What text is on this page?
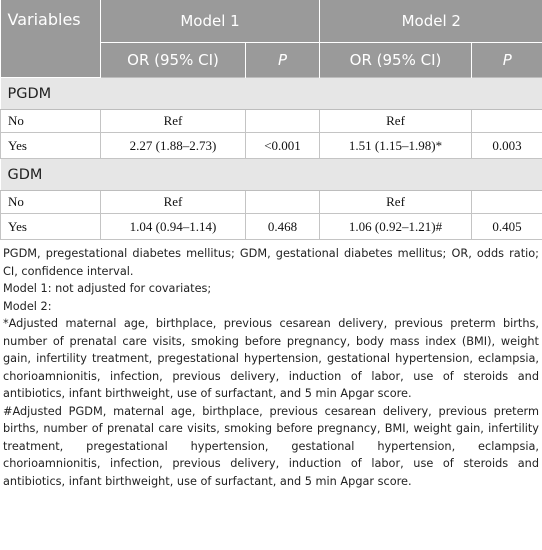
Variables	Model 1		Model 2	
	OR (95% CI)	P	OR (95% CI)	P
PGDM				
No	Ref		Ref	
Yes	2.27 (1.88–2.73)	<0.001	1.51 (1.15–1.98)*	0.003
GDM				
No	Ref		Ref	
Yes	1.04 (0.94–1.14)	0.468	1.06 (0.92–1.21)#	0.405

PGDM, pregestational diabetes mellitus; GDM, gestational diabetes mellitus; OR, odds ratio; CI, confidence interval.

Model 1: not adjusted for covariates;

Model 2:

*Adjusted maternal age, birthplace, previous cesarean delivery, previous preterm births, number of prenatal care visits, smoking before pregnancy, body mass index (BMI), weight gain, infertility treatment, pregestational hypertension, gestational hypertension, eclampsia, chorioamnionitis, infection, previous delivery, induction of labor, use of steroids and antibiotics, infant birthweight, use of surfactant, and 5 min Apgar score.

#Adjusted PGDM, maternal age, birthplace, previous cesarean delivery, previous preterm births, number of prenatal care visits, smoking before pregnancy, BMI, weight gain, infertility treatment, pregestational hypertension, gestational hypertension, eclampsia, chorioamnionitis, infection, previous delivery, induction of labor, use of steroids and antibiotics, infant birthweight, use of surfactant, and 5 min Apgar score.
